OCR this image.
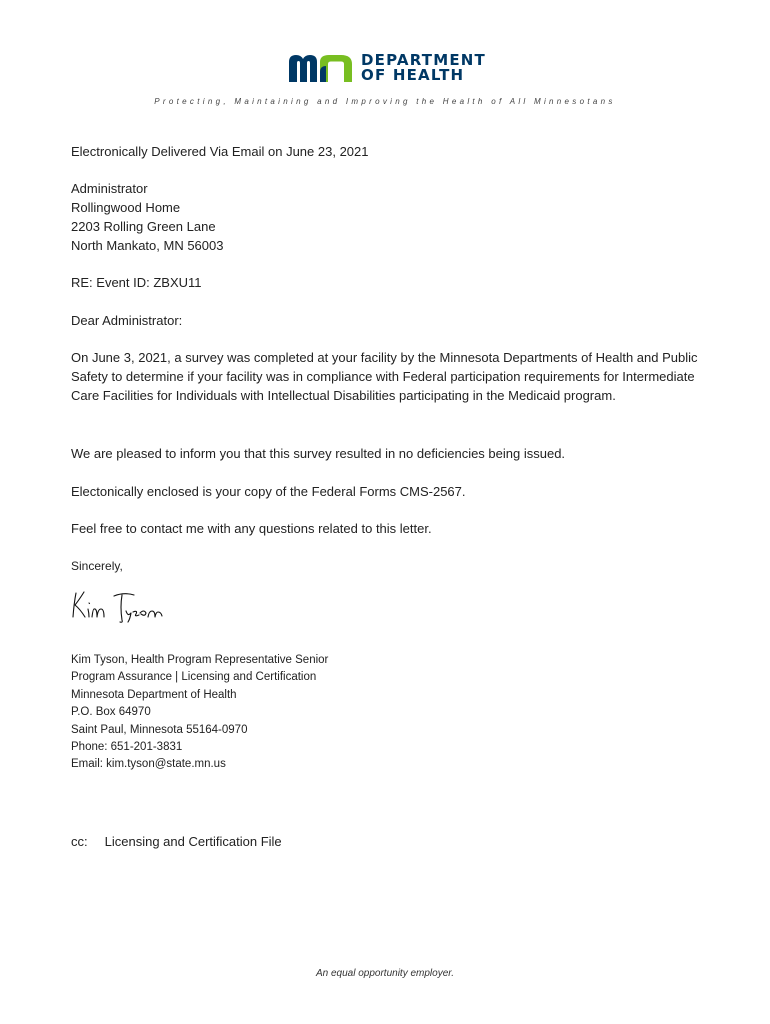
DEPARTMENT
OF HEALTH
Protecting, Maintaining and Improving the Health of All Minnesotans
Electronically Delivered Via Email on June 23, 2021
Administrator
Rollingwood Home
2203 Rolling Green Lane
North Mankato, MN 56003
RE: Event ID: ZBXU11
Dear Administrator:
On June 3, 2021, a survey was completed at your facility by the Minnesota Departments of Health and Public Safety to determine if your facility was in compliance with Federal participation requirements for Intermediate Care Facilities for Individuals with Intellectual Disabilities participating in the Medicaid program.
We are pleased to inform you that this survey resulted in no deficiencies being issued.
Electonically enclosed is your copy of the Federal Forms CMS-2567.
Feel free to contact me with any questions related to this letter.
Sincerely,
Kim Tyson, Health Program Representative Senior
Program Assurance | Licensing and Certification
Minnesota Department of Health
P.O. Box 64970
Saint Paul, Minnesota 55164-0970
Phone: 651-201-3831
Email: kim.tyson@state.mn.us
cc: Licensing and Certification File
An equal opportunity employer.
